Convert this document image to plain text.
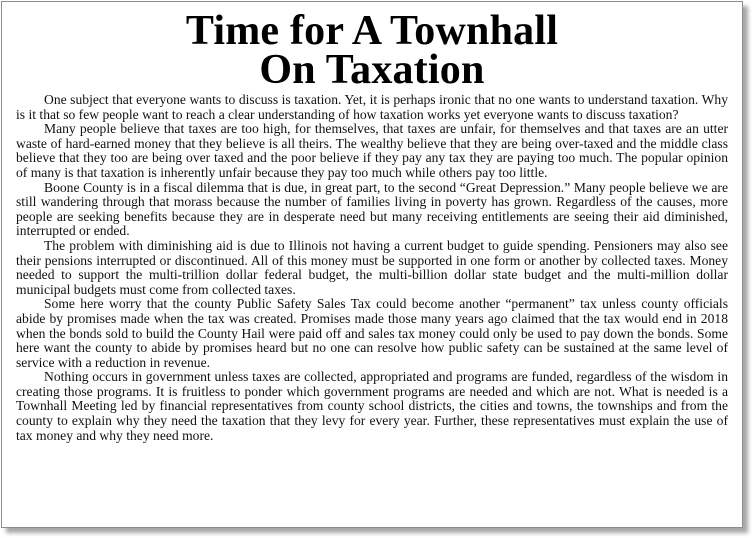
Time for A Townhall
On Taxation

One subject that everyone wants to discuss is taxation. Yet, it is perhaps ironic that no one wants to understand taxation. Why is it that so few people want to reach a clear understanding of how taxation works yet everyone wants to discuss taxation?

Many people believe that taxes are too high, for themselves, that taxes are unfair, for themselves and that taxes are an utter waste of hard-earned money that they believe is all theirs. The wealthy believe that they are being over-taxed and the middle class believe that they too are being over taxed and the poor believe if they pay any tax they are paying too much. The popular opinion of many is that taxation is inherently unfair because they pay too much while others pay too little.

Boone County is in a fiscal dilemma that is due, in great part, to the second “Great Depression.” Many people believe we are still wandering through that morass because the number of families living in poverty has grown. Regardless of the causes, more people are seeking benefits because they are in desperate need but many receiving entitlements are seeing their aid diminished, interrupted or ended.

The problem with diminishing aid is due to Illinois not having a current budget to guide spending. Pensioners may also see their pensions interrupted or discontinued. All of this money must be supported in one form or another by collected taxes. Money needed to support the multi-trillion dollar federal budget, the multi-billion dollar state budget and the multi-million dollar municipal budgets must come from collected taxes.

Some here worry that the county Public Safety Sales Tax could become another “permanent” tax unless county officials abide by promises made when the tax was created. Promises made those many years ago claimed that the tax would end in 2018 when the bonds sold to build the County Hail were paid off and sales tax money could only be used to pay down the bonds. Some here want the county to abide by promises heard but no one can resolve how public safety can be sustained at the same level of service with a reduction in revenue.

Nothing occurs in government unless taxes are collected, appropriated and programs are funded, regardless of the wisdom in creating those programs. It is fruitless to ponder which government programs are needed and which are not. What is needed is a Townhall Meeting led by financial representatives from county school districts, the cities and towns, the townships and from the county to explain why they need the taxation that they levy for every year. Further, these representatives must explain the use of tax money and why they need more.
